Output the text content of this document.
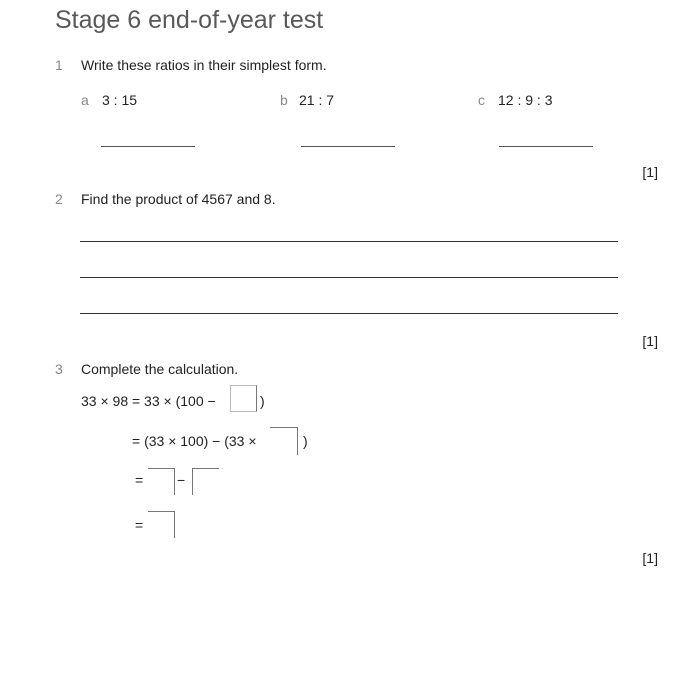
Stage 6 end-of-year test
1 Write these ratios in their simplest form.
a 3 : 15	b 21 : 7	c 12 : 9 : 3
[1]
2 Find the product of 4567 and 8.
[1]
3 Complete the calculation.
33 × 98 = 33 × (100 −	)
= (33 × 100) − (33 ×	)
= −
=
[1]
